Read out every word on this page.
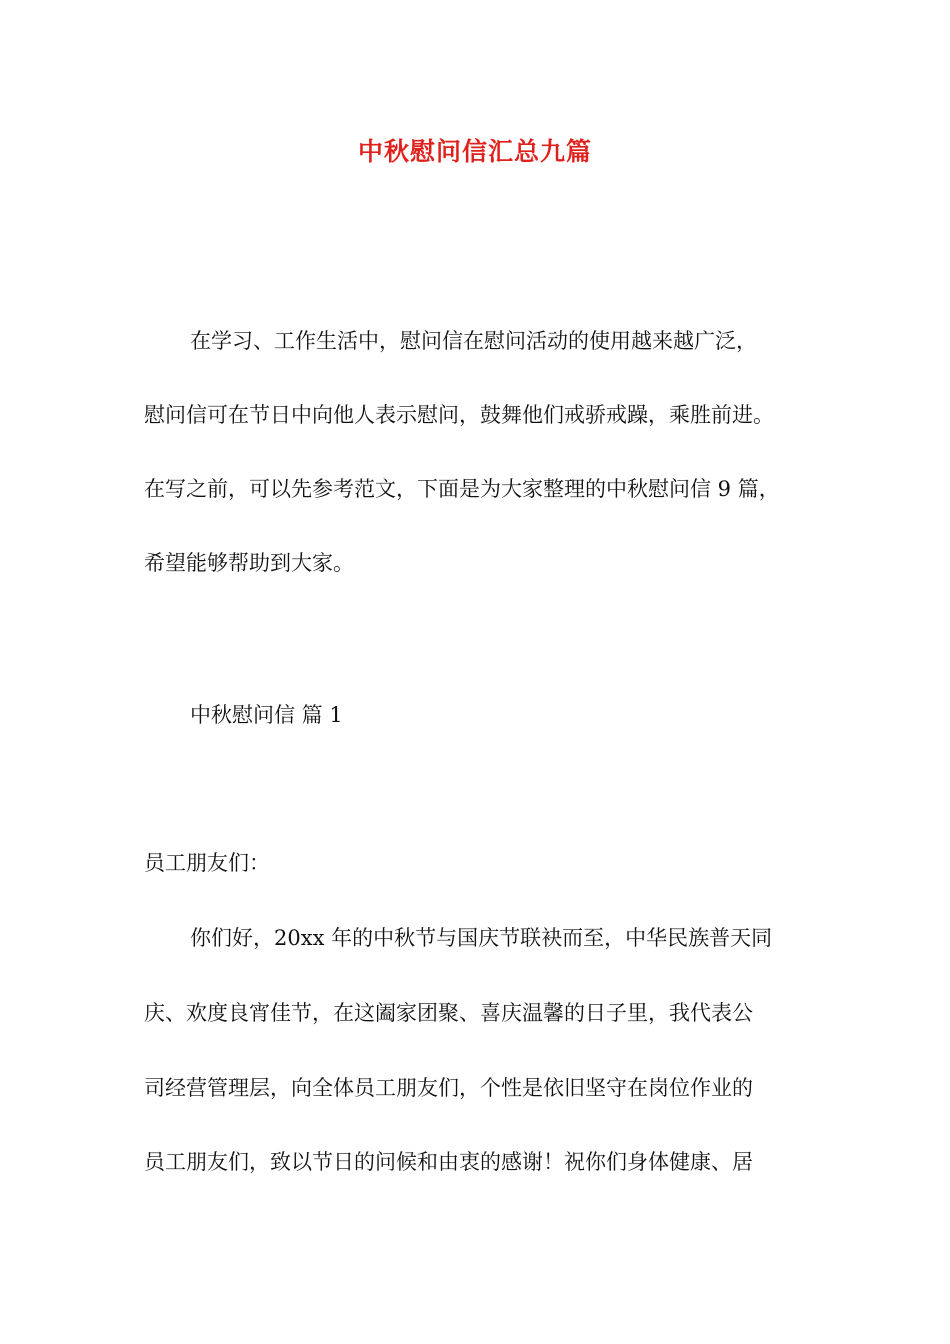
中秋慰问信汇总九篇
在学习、工作生活中，慰问信在慰问活动的使用越来越广泛，
慰问信可在节日中向他人表示慰问，鼓舞他们戒骄戒躁，乘胜前进。
在写之前，可以先参考范文，下面是为大家整理的中秋慰问信 9 篇，
希望能够帮助到大家。
中秋慰问信 篇 1
员工朋友们：
你们好，20xx 年的中秋节与国庆节联袂而至，中华民族普天同
庆、欢度良宵佳节，在这阖家团聚、喜庆温馨的日子里，我代表公
司经营管理层，向全体员工朋友们，个性是依旧坚守在岗位作业的
员工朋友们，致以节日的问候和由衷的感谢！祝你们身体健康、居
